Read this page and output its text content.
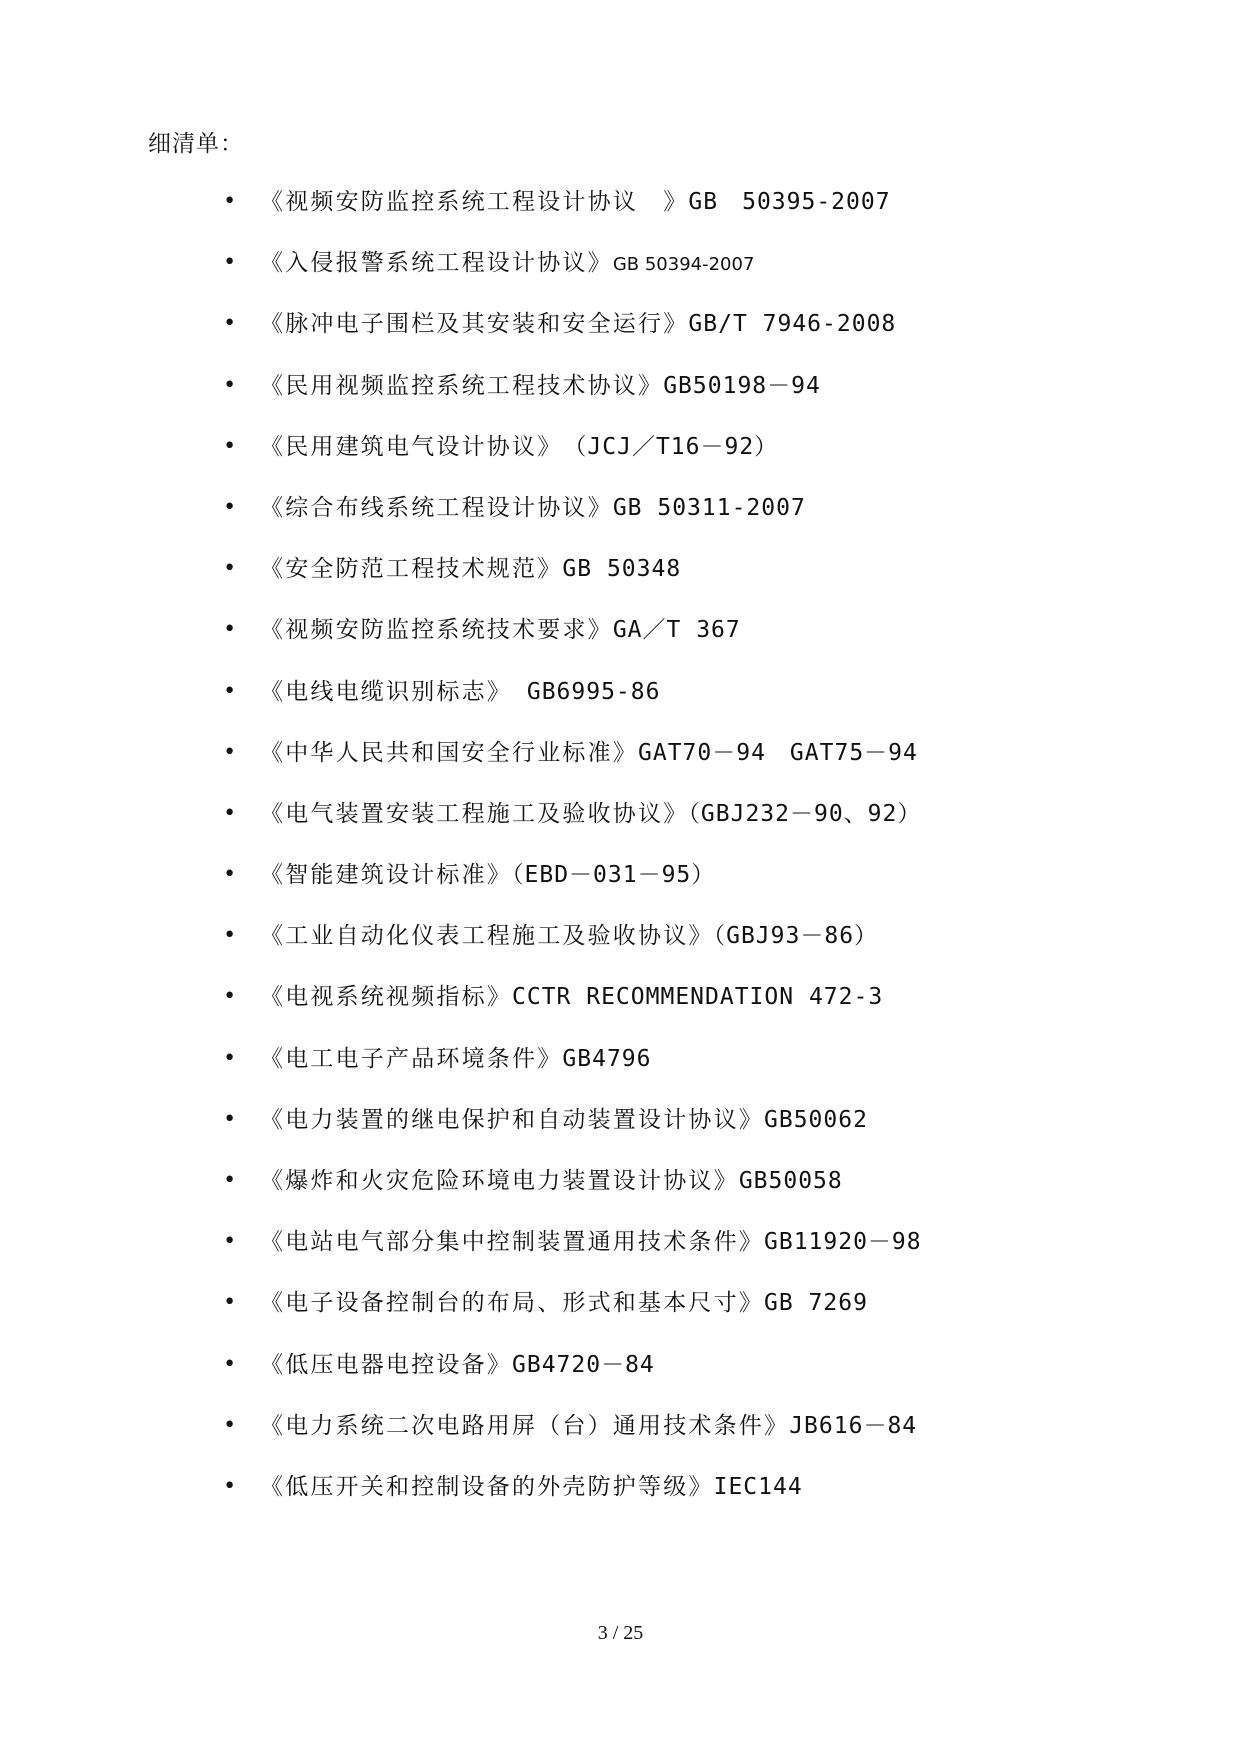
细清单：
• 《视频安防监控系统工程设计协议　》GB　50395-2007
• 《入侵报警系统工程设计协议》GB 50394-2007
• 《脉冲电子围栏及其安装和安全运行》GB/T 7946-2008
• 《民用视频监控系统工程技术协议》GB50198－94
• 《民用建筑电气设计协议》　（JCJ／T16－92）
• 《综合布线系统工程设计协议》GB 50311-2007
• 《安全防范工程技术规范》GB 50348
• 《视频安防监控系统技术要求》GA／T 367
• 《电线电缆识别标志》 GB6995-86
• 《中华人民共和国安全行业标准》GAT70－94　GAT75－94
• 《电气装置安装工程施工及验收协议》（GBJ232－90、92）
• 《智能建筑设计标准》（EBD－031－95）
• 《工业自动化仪表工程施工及验收协议》（GBJ93－86）
• 《电视系统视频指标》CCTR RECOMMENDATION 472-3
• 《电工电子产品环境条件》GB4796
• 《电力装置的继电保护和自动装置设计协议》GB50062
• 《爆炸和火灾危险环境电力装置设计协议》GB50058
• 《电站电气部分集中控制装置通用技术条件》GB11920－98
• 《电子设备控制台的布局、形式和基本尺寸》GB 7269
• 《低压电器电控设备》GB4720－84
• 《电力系统二次电路用屏（台）通用技术条件》JB616－84
• 《低压开关和控制设备的外壳防护等级》IEC144
3 / 25
